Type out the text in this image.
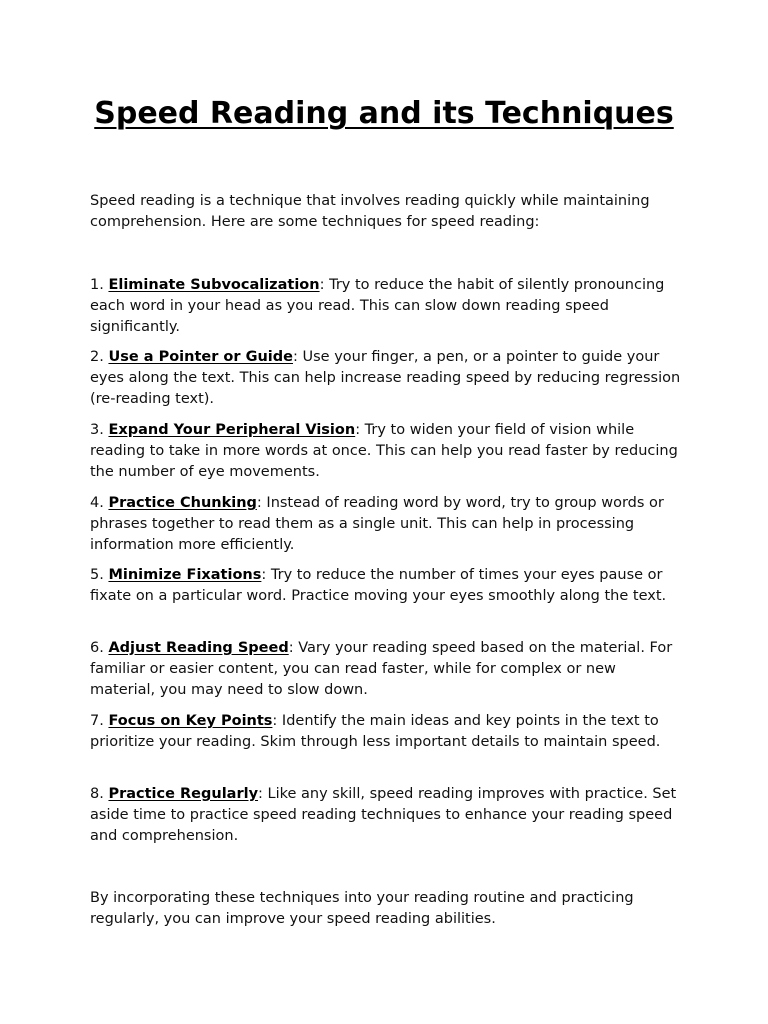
Speed Reading and its Techniques

Speed reading is a technique that involves reading quickly while maintaining comprehension. Here are some techniques for speed reading:

1. Eliminate Subvocalization: Try to reduce the habit of silently pronouncing each word in your head as you read. This can slow down reading speed significantly.

2. Use a Pointer or Guide: Use your finger, a pen, or a pointer to guide your eyes along the text. This can help increase reading speed by reducing regression (re-reading text).

3. Expand Your Peripheral Vision: Try to widen your field of vision while reading to take in more words at once. This can help you read faster by reducing the number of eye movements.

4. Practice Chunking: Instead of reading word by word, try to group words or phrases together to read them as a single unit. This can help in processing information more efficiently.

5. Minimize Fixations: Try to reduce the number of times your eyes pause or fixate on a particular word. Practice moving your eyes smoothly along the text.

6. Adjust Reading Speed: Vary your reading speed based on the material. For familiar or easier content, you can read faster, while for complex or new material, you may need to slow down.

7. Focus on Key Points: Identify the main ideas and key points in the text to prioritize your reading. Skim through less important details to maintain speed.

8. Practice Regularly: Like any skill, speed reading improves with practice. Set aside time to practice speed reading techniques to enhance your reading speed and comprehension.

By incorporating these techniques into your reading routine and practicing regularly, you can improve your speed reading abilities.
